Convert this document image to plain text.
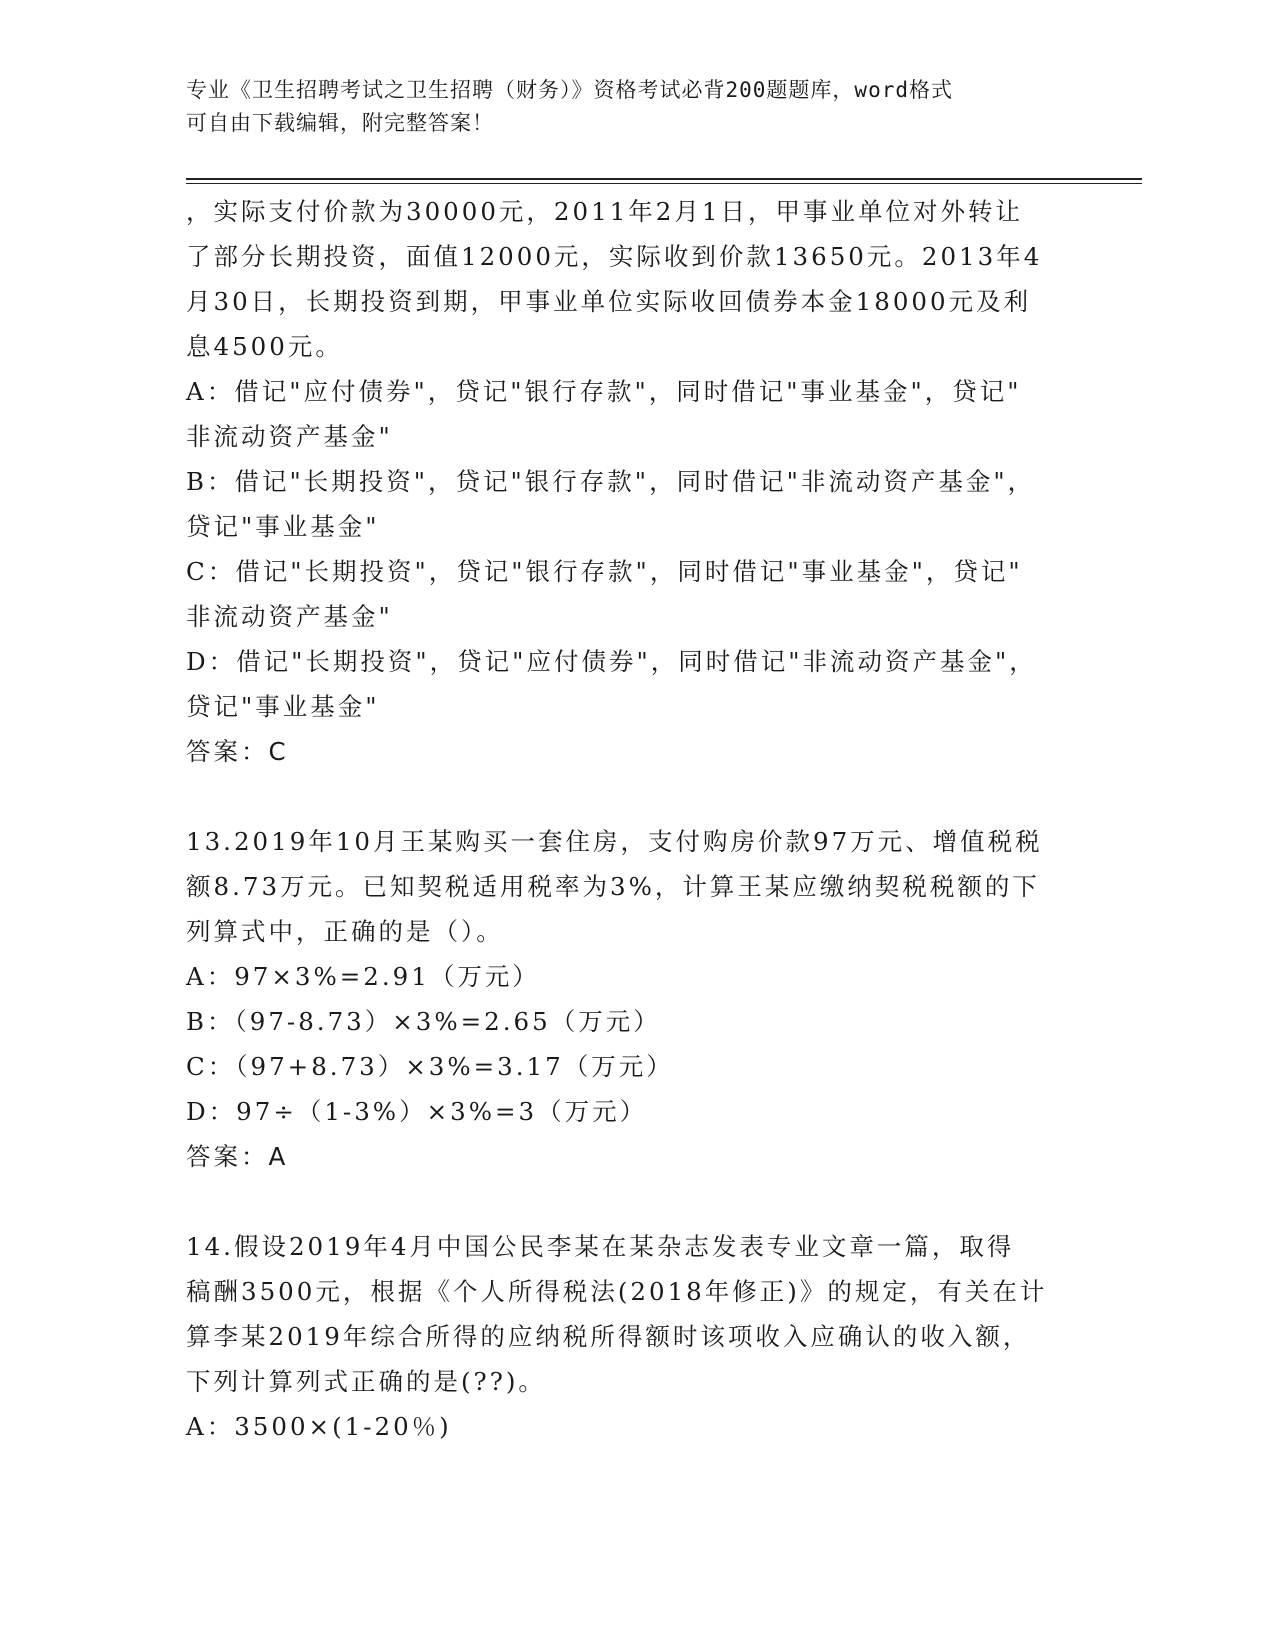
专业《卫生招聘考试之卫生招聘（财务）》资格考试必背200题题库，word格式
可自由下载编辑，附完整答案！

，实际支付价款为30000元，2011年2月1日，甲事业单位对外转让

了部分长期投资，面值12000元，实际收到价款13650元。2013年4

月30日，长期投资到期，甲事业单位实际收回债券本金18000元及利

息4500元。

A：借记"应付债券"，贷记"银行存款"，同时借记"事业基金"，贷记"

非流动资产基金"

B：借记"长期投资"，贷记"银行存款"，同时借记"非流动资产基金"，

贷记"事业基金"

C：借记"长期投资"，贷记"银行存款"，同时借记"事业基金"，贷记"

非流动资产基金"

D：借记"长期投资"，贷记"应付债券"，同时借记"非流动资产基金"，

贷记"事业基金"

答案：C

13.2019年10月王某购买一套住房，支付购房价款97万元、增值税税

额8.73万元。已知契税适用税率为3%，计算王某应缴纳契税税额的下

列算式中，正确的是（）。

A：97×3%=2.91（万元）

B：（97-8.73）×3%=2.65（万元）

C：（97+8.73）×3%=3.17（万元）

D：97÷（1-3%）×3%=3（万元）

答案：A

14.假设2019年4月中国公民李某在某杂志发表专业文章一篇，取得

稿酬3500元，根据《个人所得税法(2018年修正)》的规定，有关在计

算李某2019年综合所得的应纳税所得额时该项收入应确认的收入额，

下列计算列式正确的是(??)。

A：3500×(1-20％)
